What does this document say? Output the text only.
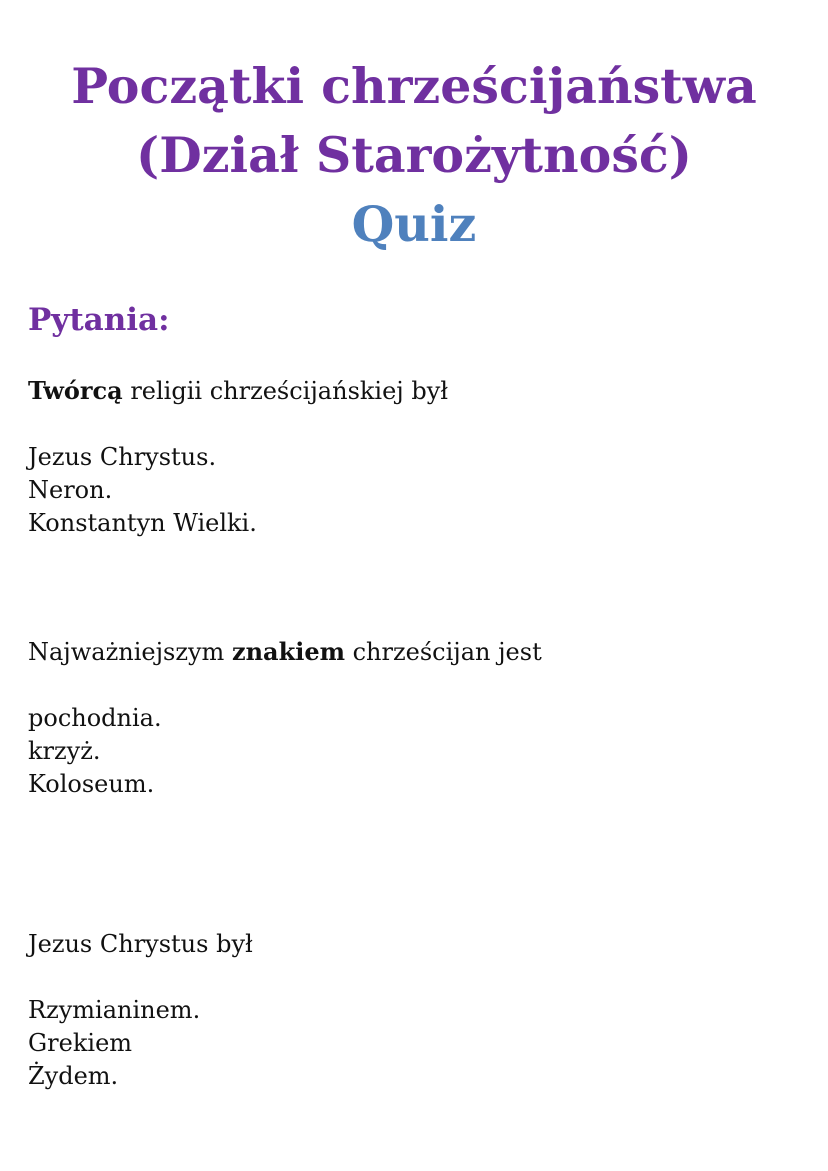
Początki chrześcijaństwa
(Dział Starożytność)
Quiz
Pytania:
Twórcą religii chrześcijańskiej był
Jezus Chrystus.
Neron.
Konstantyn Wielki.
Najważniejszym znakiem chrześcijan jest
pochodnia.
krzyż.
Koloseum.
Jezus Chrystus był
Rzymianinem.
Grekiem
Żydem.
